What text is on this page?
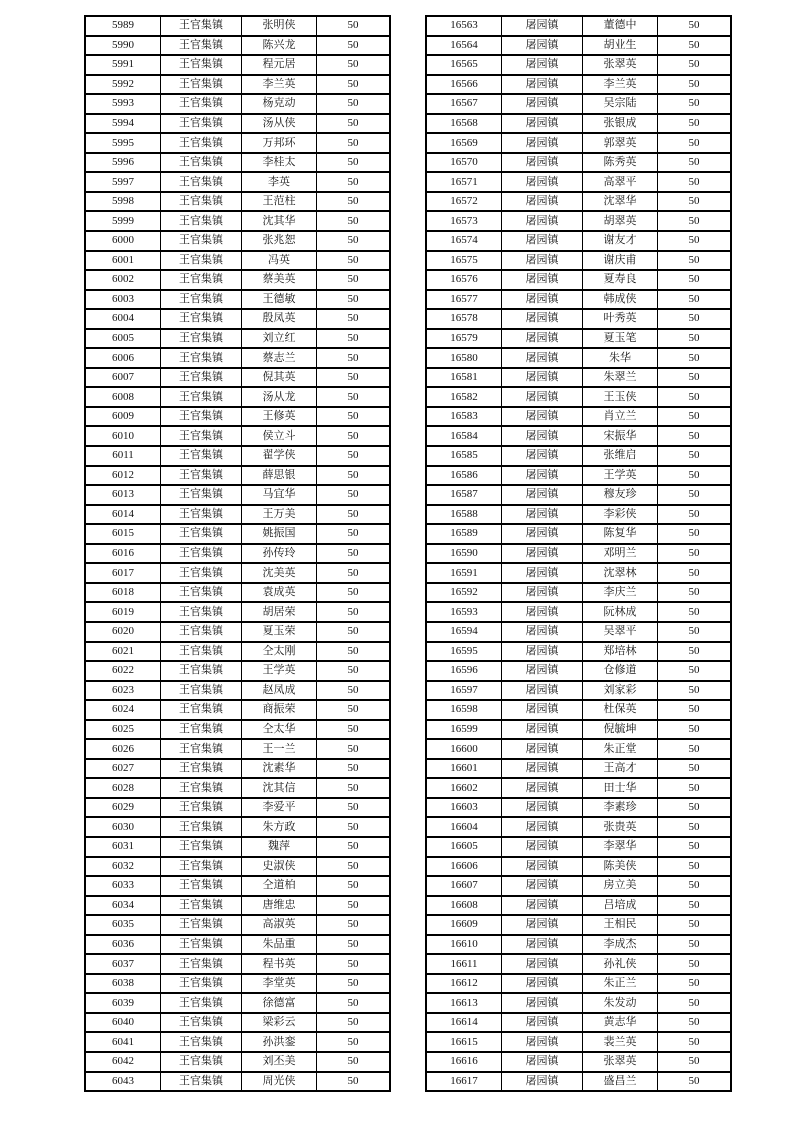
5989	王官集镇	张明侠	50
5990	王官集镇	陈兴龙	50
5991	王官集镇	程元居	50
5992	王官集镇	李兰英	50
5993	王官集镇	杨克动	50
5994	王官集镇	汤从侠	50
5995	王官集镇	万邦环	50
5996	王官集镇	李桂太	50
5997	王官集镇	李英	50
5998	王官集镇	王范柱	50
5999	王官集镇	沈其华	50
6000	王官集镇	张兆恕	50
6001	王官集镇	冯英	50
6002	王官集镇	蔡美英	50
6003	王官集镇	王德敏	50
6004	王官集镇	殷凤英	50
6005	王官集镇	刘立红	50
6006	王官集镇	蔡志兰	50
6007	王官集镇	倪其英	50
6008	王官集镇	汤从龙	50
6009	王官集镇	王修英	50
6010	王官集镇	侯立斗	50
6011	王官集镇	翟学侠	50
6012	王官集镇	薛思银	50
6013	王官集镇	马宜华	50
6014	王官集镇	王万美	50
6015	王官集镇	姚振国	50
6016	王官集镇	孙传玲	50
6017	王官集镇	沈美英	50
6018	王官集镇	袁成英	50
6019	王官集镇	胡居荣	50
6020	王官集镇	夏玉荣	50
6021	王官集镇	仝太刚	50
6022	王官集镇	王学英	50
6023	王官集镇	赵凤成	50
6024	王官集镇	商振荣	50
6025	王官集镇	仝太华	50
6026	王官集镇	王一兰	50
6027	王官集镇	沈素华	50
6028	王官集镇	沈其信	50
6029	王官集镇	李爱平	50
6030	王官集镇	朱方政	50
6031	王官集镇	魏萍	50
6032	王官集镇	史淑侠	50
6033	王官集镇	仝道柏	50
6034	王官集镇	唐维忠	50
6035	王官集镇	高淑英	50
6036	王官集镇	朱品重	50
6037	王官集镇	程书英	50
6038	王官集镇	李堂英	50
6039	王官集镇	徐德富	50
6040	王官集镇	梁彩云	50
6041	王官集镇	孙洪銮	50
6042	王官集镇	刘丕美	50
6043	王官集镇	周光侠	50
16563	屠园镇	董德中	50
16564	屠园镇	胡业生	50
16565	屠园镇	张翠英	50
16566	屠园镇	李兰英	50
16567	屠园镇	吴宗陆	50
16568	屠园镇	张银成	50
16569	屠园镇	郭翠英	50
16570	屠园镇	陈秀英	50
16571	屠园镇	高翠平	50
16572	屠园镇	沈翠华	50
16573	屠园镇	胡翠英	50
16574	屠园镇	谢友才	50
16575	屠园镇	谢庆甫	50
16576	屠园镇	夏寿良	50
16577	屠园镇	韩成侠	50
16578	屠园镇	叶秀英	50
16579	屠园镇	夏玉笔	50
16580	屠园镇	朱华	50
16581	屠园镇	朱翠兰	50
16582	屠园镇	王玉侠	50
16583	屠园镇	肖立兰	50
16584	屠园镇	宋振华	50
16585	屠园镇	张维启	50
16586	屠园镇	王学英	50
16587	屠园镇	穆友珍	50
16588	屠园镇	李彩侠	50
16589	屠园镇	陈复华	50
16590	屠园镇	邓明兰	50
16591	屠园镇	沈翠林	50
16592	屠园镇	李庆兰	50
16593	屠园镇	阮林成	50
16594	屠园镇	吴翠平	50
16595	屠园镇	郑培林	50
16596	屠园镇	仓修道	50
16597	屠园镇	刘家彩	50
16598	屠园镇	杜保英	50
16599	屠园镇	倪毓坤	50
16600	屠园镇	朱正堂	50
16601	屠园镇	王高才	50
16602	屠园镇	田士华	50
16603	屠园镇	李素珍	50
16604	屠园镇	张贵英	50
16605	屠园镇	李翠华	50
16606	屠园镇	陈美侠	50
16607	屠园镇	房立美	50
16608	屠园镇	吕培成	50
16609	屠园镇	王相民	50
16610	屠园镇	李成杰	50
16611	屠园镇	孙礼侠	50
16612	屠园镇	朱正兰	50
16613	屠园镇	朱发动	50
16614	屠园镇	黄志华	50
16615	屠园镇	裴兰英	50
16616	屠园镇	张翠英	50
16617	屠园镇	盛昌兰	50
